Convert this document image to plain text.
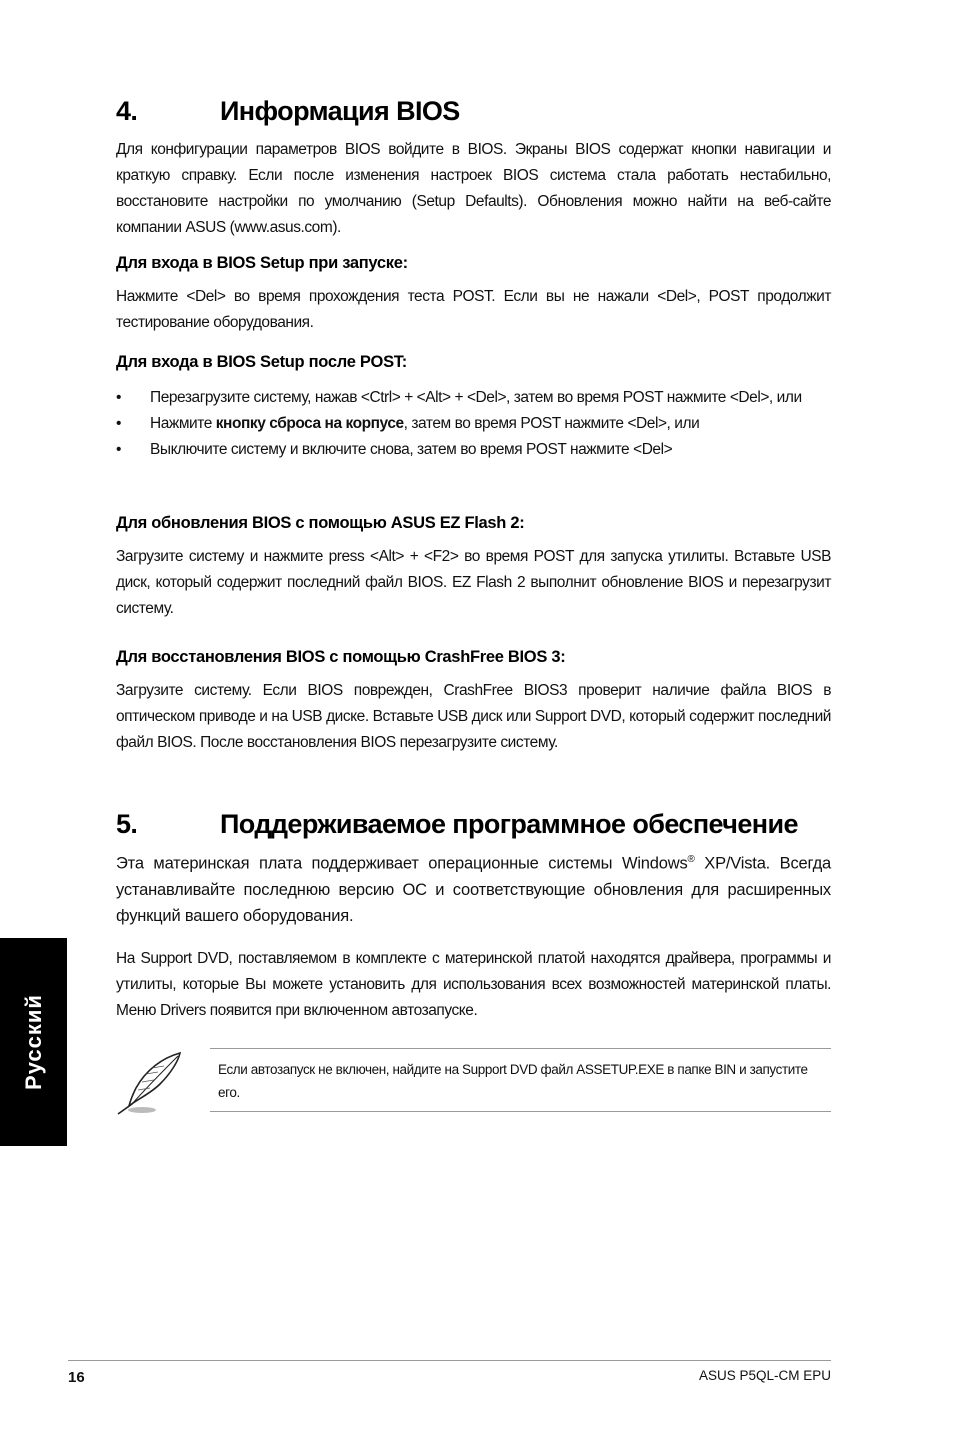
4.	Информация BIOS

Для конфигурации параметров BIOS войдите в BIOS. Экраны BIOS содержат кнопки навигации и краткую справку. Если после изменения настроек BIOS система стала работать нестабильно, восстановите настройки по умолчанию (Setup Defaults). Обновления можно найти на веб-сайте компании ASUS (www.asus.com).

Для входа в BIOS Setup при запуске:

Нажмите <Del> во время прохождения теста POST. Если вы не нажали <Del>, POST продолжит тестирование оборудования.

Для входа в BIOS Setup после POST:
• Перезагрузите систему, нажав <Ctrl> + <Alt> + <Del>, затем во время POST нажмите <Del>, или
• Нажмите кнопку сброса на корпусе, затем во время POST нажмите <Del>, или
• Выключите систему и включите снова, затем во время POST нажмите <Del>
Для обновления BIOS с помощью ASUS EZ Flash 2:

Загрузите систему и нажмите press <Alt> + <F2> во время POST для запуска утилиты. Вставьте USB диск, который содержит последний файл BIOS. EZ Flash 2 выполнит обновление BIOS и перезагрузит систему.

Для восстановления BIOS с помощью CrashFree BIOS 3:

Загрузите систему. Если BIOS поврежден, CrashFree BIOS3 проверит наличие файла BIOS в оптическом приводе и на USB диске. Вставьте USB диск или Support DVD, который содержит последний файл BIOS. После восстановления BIOS перезагрузите систему.

5.	Поддерживаемое программное обеспечение

Эта материнская плата поддерживает операционные системы Windows® XP/Vista. Всегда устанавливайте последнюю версию ОС и соответствующие обновления для расширенных функций вашего оборудования.

На Support DVD, поставляемом в комплекте с материнской платой находятся драйвера, программы и утилиты, которые Вы можете установить для использования всех возможностей материнской платы. Меню Drivers появится при включенном автозапуске.

Если автозапуск не включен, найдите на Support DVD файл ASSETUP.EXE в папке BIN и запустите его.

Русский
16	ASUS P5QL-CM EPU
